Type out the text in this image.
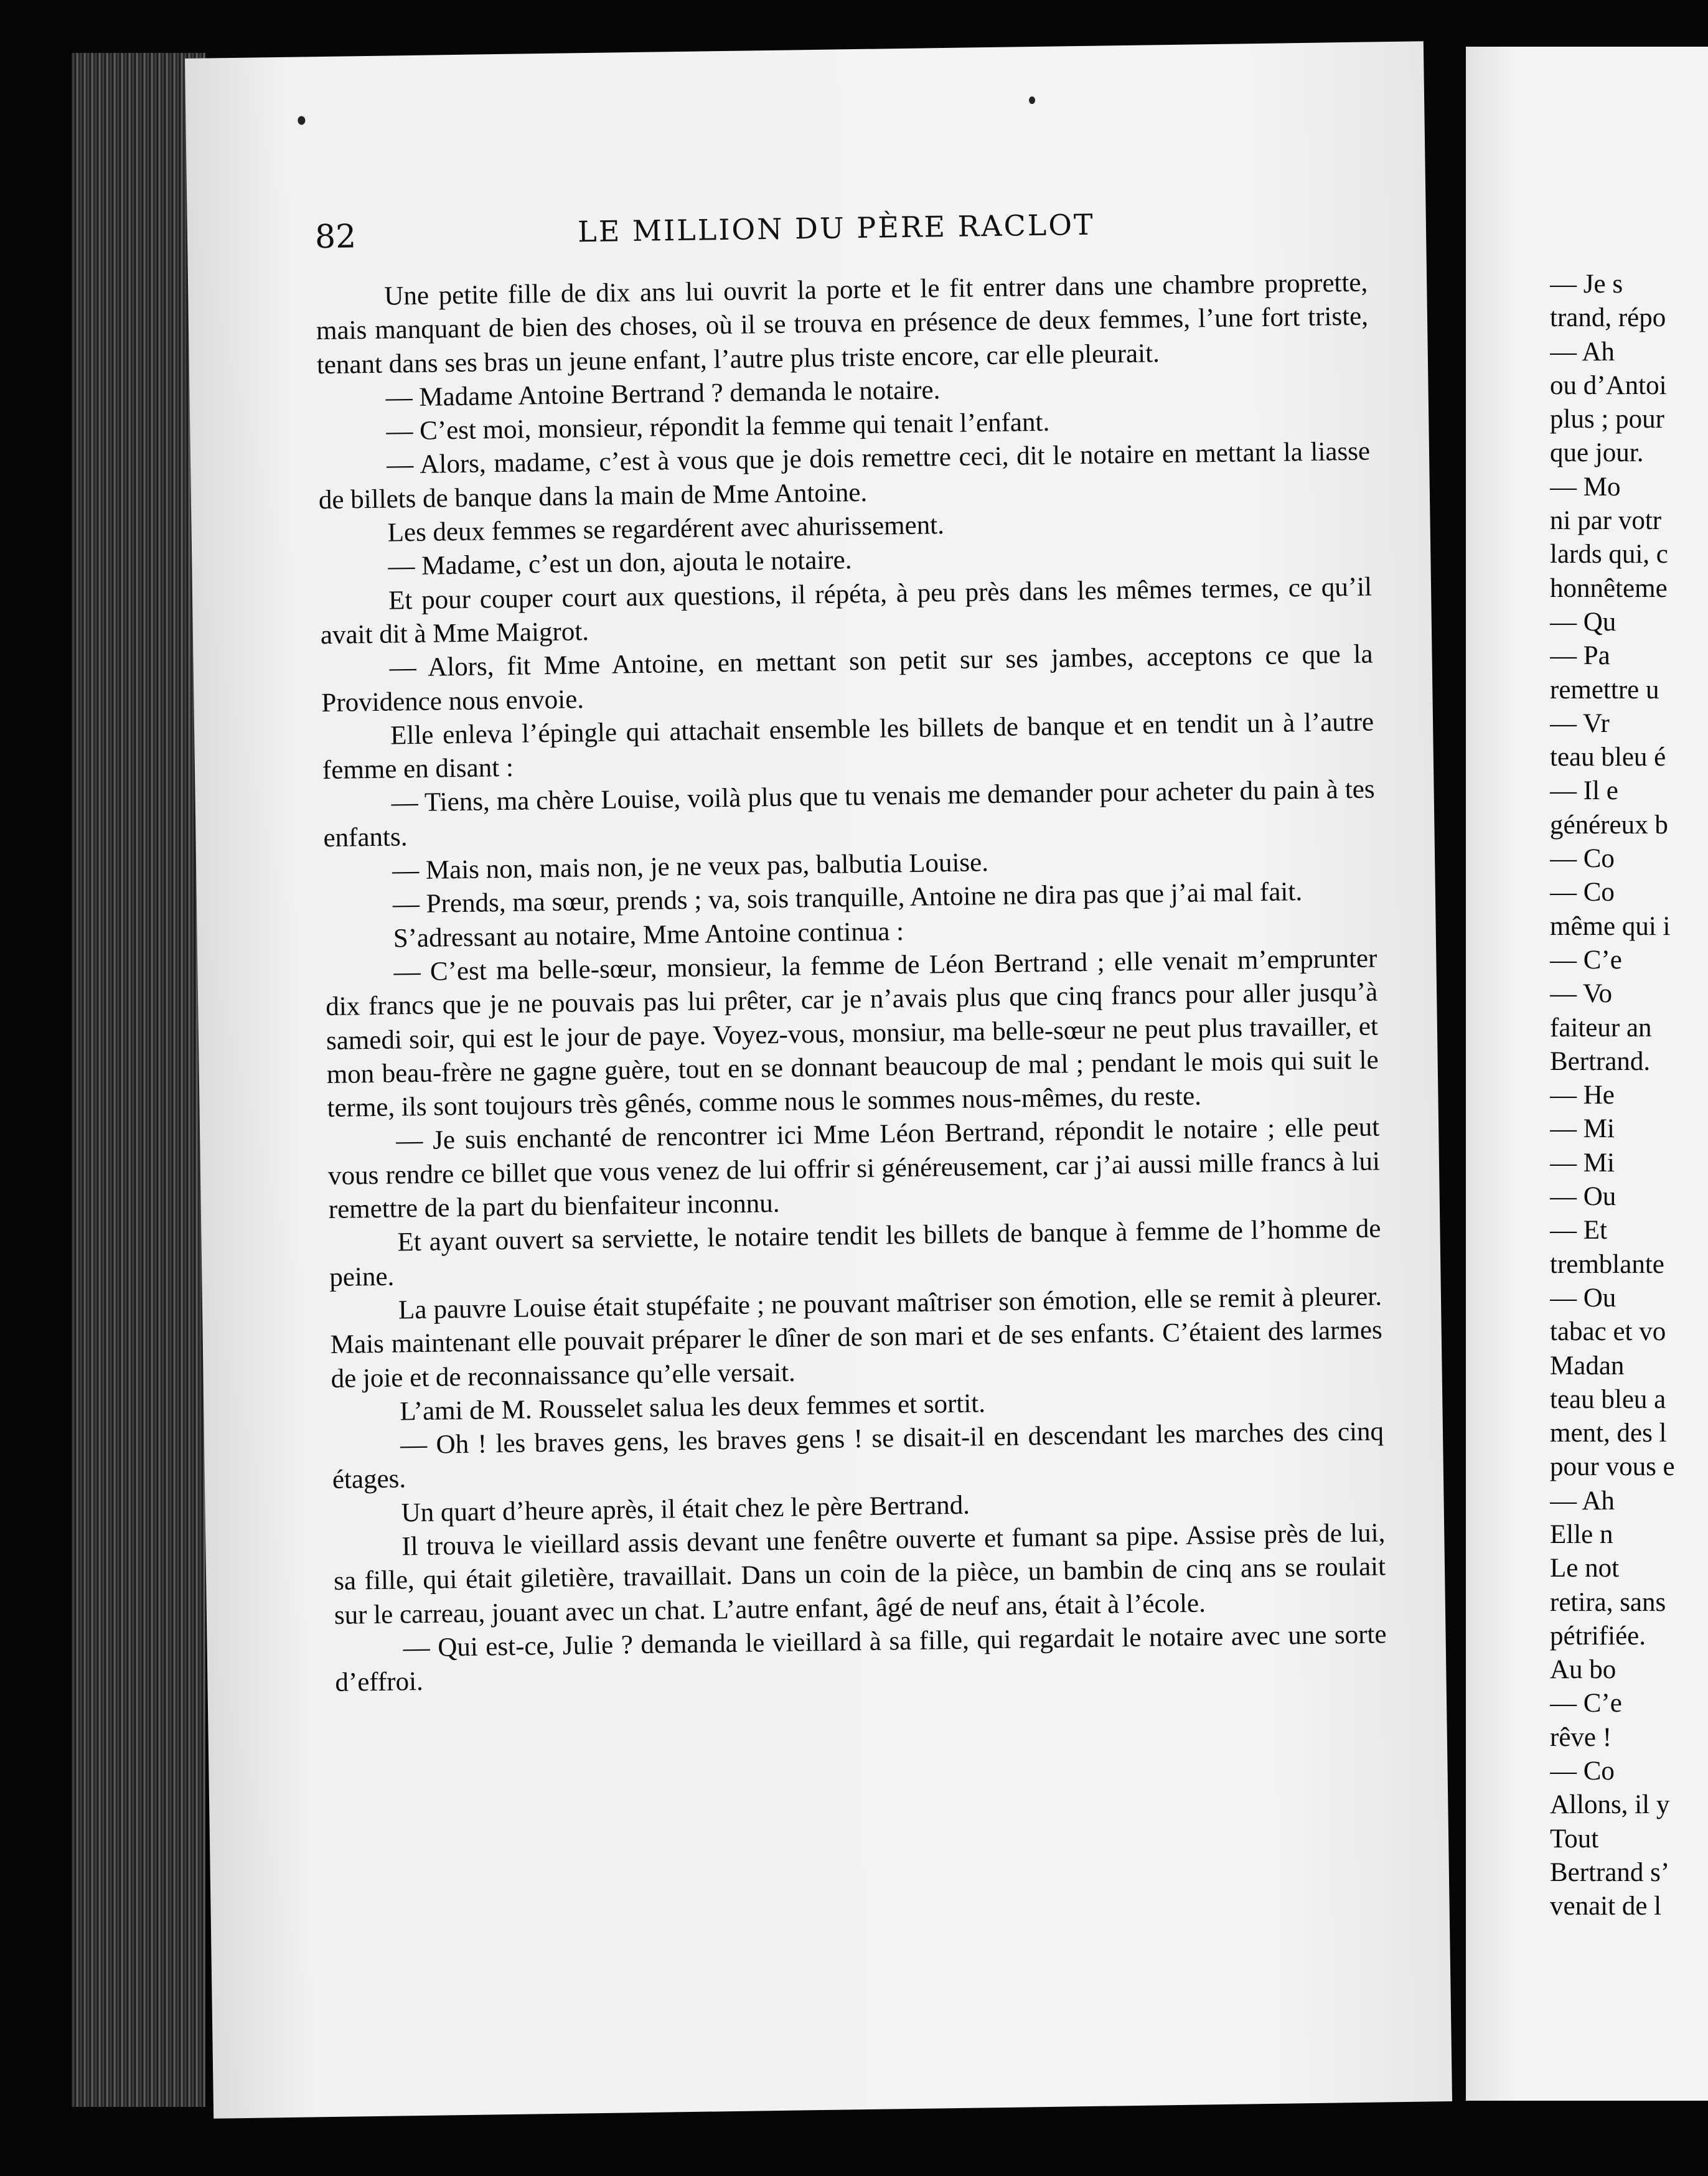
82	LE MILLION DU PÈRE RACLOT

Une petite fille de dix ans lui ouvrit la porte et le fit entrer dans une chambre proprette, mais manquant de bien des choses, où il se trouva en présence de deux femmes, l’une fort triste, tenant dans ses bras un jeune enfant, l’autre plus triste encore, car elle pleurait.

— Madame Antoine Bertrand ? demanda le notaire.

— C’est moi, monsieur, répondit la femme qui tenait l’enfant.

— Alors, madame, c’est à vous que je dois remettre ceci, dit le notaire en mettant la liasse de billets de banque dans la main de Mme Antoine.

Les deux femmes se regardérent avec ahurissement.

— Madame, c’est un don, ajouta le notaire.

Et pour couper court aux questions, il répéta, à peu près dans les mêmes termes, ce qu’il avait dit à Mme Maigrot.

— Alors, fit Mme Antoine, en mettant son petit sur ses jambes, acceptons ce que la Providence nous envoie.

Elle enleva l’épingle qui attachait ensemble les billets de banque et en tendit un à l’autre femme en disant :

— Tiens, ma chère Louise, voilà plus que tu venais me demander pour acheter du pain à tes enfants.

— Mais non, mais non, je ne veux pas, balbutia Louise.

— Prends, ma sœur, prends ; va, sois tranquille, Antoine ne dira pas que j’ai mal fait.

S’adressant au notaire, Mme Antoine continua :

— C’est ma belle-sœur, monsieur, la femme de Léon Bertrand ; elle venait m’emprunter dix francs que je ne pouvais pas lui prêter, car je n’avais plus que cinq francs pour aller jusqu’à samedi soir, qui est le jour de paye. Voyez-vous, monsiur, ma belle-sœur ne peut plus travailler, et mon beau-frère ne gagne guère, tout en se donnant beaucoup de mal ; pendant le mois qui suit le terme, ils sont toujours très gênés, comme nous le sommes nous-mêmes, du reste.

— Je suis enchanté de rencontrer ici Mme Léon Bertrand, répondit le notaire ; elle peut vous rendre ce billet que vous venez de lui offrir si généreusement, car j’ai aussi mille francs à lui remettre de la part du bienfaiteur inconnu.

Et ayant ouvert sa serviette, le notaire tendit les billets de banque à femme de l’homme de peine.

La pauvre Louise était stupéfaite ; ne pouvant maîtriser son émotion, elle se remit à pleurer. Mais maintenant elle pouvait préparer le dîner de son mari et de ses enfants. C’étaient des larmes de joie et de reconnaissance qu’elle versait.

L’ami de M. Rousselet salua les deux femmes et sortit.

— Oh ! les braves gens, les braves gens ! se disait-il en descendant les marches des cinq étages.

Un quart d’heure après, il était chez le père Bertrand.

Il trouva le vieillard assis devant une fenêtre ouverte et fumant sa pipe. Assise près de lui, sa fille, qui était giletière, travaillait. Dans un coin de la pièce, un bambin de cinq ans se roulait sur le carreau, jouant avec un chat. L’autre enfant, âgé de neuf ans, était à l’école.

— Qui est-ce, Julie ? demanda le vieillard à sa fille, qui regardait le notaire avec une sorte d’effroi.

— Je s
trand, répo
— Ah
ou d’Antoi
plus ; pour
que jour.
— Mo
ni par votr
lards qui, c
honnêteme
— Qu
— Pa
remettre u
— Vr
teau bleu é
— Il e
généreux b
— Co
— Co
même qui i
— C’e
— Vo
faiteur an
Bertrand.
— He
— Mi
— Mi
— Ou
— Et
tremblante
— Ou
tabac et vo
Madan
teau bleu a
ment, des l
pour vous e
— Ah
Elle n
Le not
retira, sans
pétrifiée.
Au bo
— C’e
rêve !
— Co
Allons, il y
Tout
Bertrand s’
venait de l
